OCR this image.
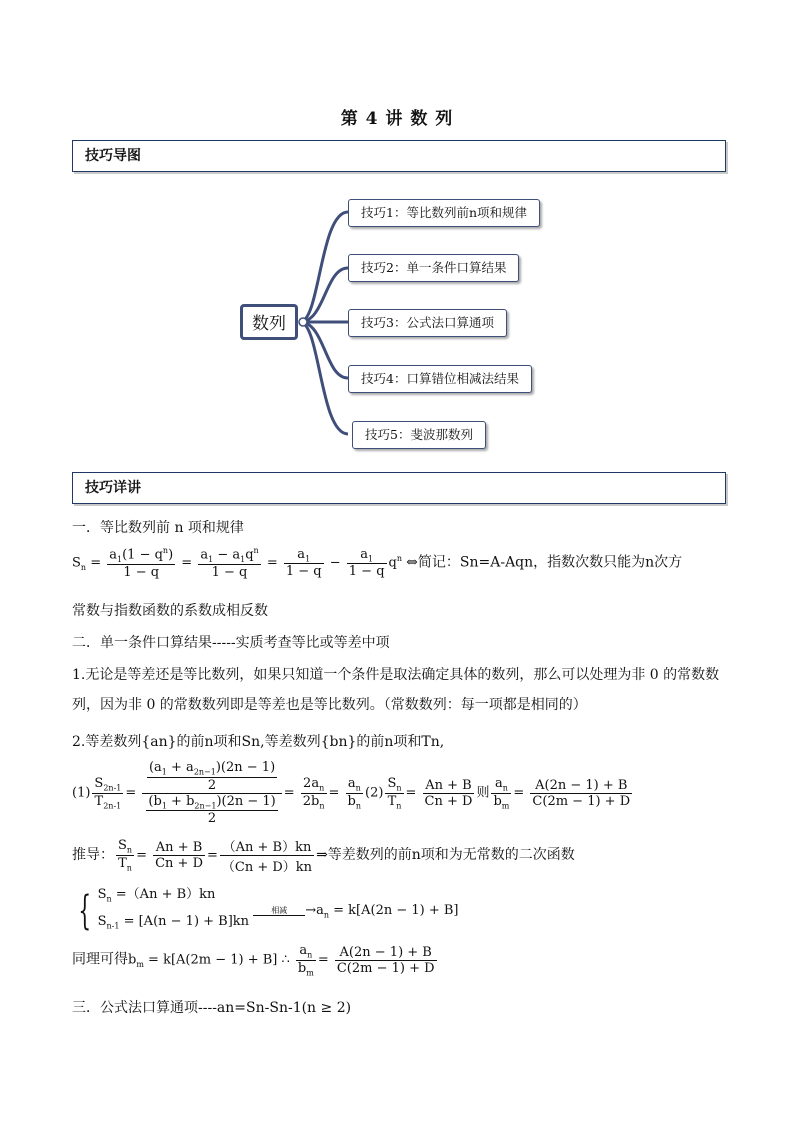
第 4 讲 数 列
技巧导图
数列
技巧1：等比数列前n项和规律
技巧2：单一条件口算结果
技巧3：公式法口算通项
技巧4：口算错位相减法结果
技巧5：斐波那数列
技巧详讲
一．等比数列前 n 项和规律
$S_n = \frac{a_1(1 - q^n)}{1 - q} = \frac{a_1 - a_1q^n}{1 - q} = \frac{a_1}{1 - q} - \frac{a_1}{1 - q} q^n$ ⇔简记：Sn=A-Aqn，指数次数只能为n次方
常数与指数函数的系数成相反数
二．单一条件口算结果-----实质考查等比或等差中项
1.无论是等差还是等比数列，如果只知道一个条件是取法确定具体的数列，那么可以处理为非 0 的常数数
列，因为非 0 的常数数列即是等差也是等比数列。（常数数列：每一项都是相同的）
2.等差数列{an}的前n项和Sn,等差数列{bn}的前n项和Tn,
$(1) \frac{S_{2n-1}}{T_{2n-1}} = \frac{\frac{(a_1 + a_{2n-1})(2n - 1)}{2}}{\frac{(b_1 + b_{2n-1})(2n - 1)}{2}} = \frac{2a_n}{2b_n} = \frac{a_n}{b_n} (2) \frac{S_n}{T_n} = \frac{An + B}{Cn + D}$ 则 $\frac{a_n}{b_m} = \frac{A(2n - 1) + B}{C(2m - 1) + D}$
推导： $\frac{S_n}{T_n} = \frac{An + B}{Cn + D} = \frac{(An + B)kn}{(Cn + D)kn}$ ⇒等差数列的前n项和为无常数的二次函数
{ $S_n =(An + B)kn$
$S_{n-1} = [A(n - 1) + B]kn$
相减	$\to a_n = k[A(2n - 1) + B]$
同理可得$b_m = k[A(2m - 1) + B]$ ∴ $\frac{a_n}{b_m} = \frac{A(2n - 1) + B}{C(2m - 1) + D}$
三．公式法口算通项----an=Sn-Sn-1(n ≥ 2)
